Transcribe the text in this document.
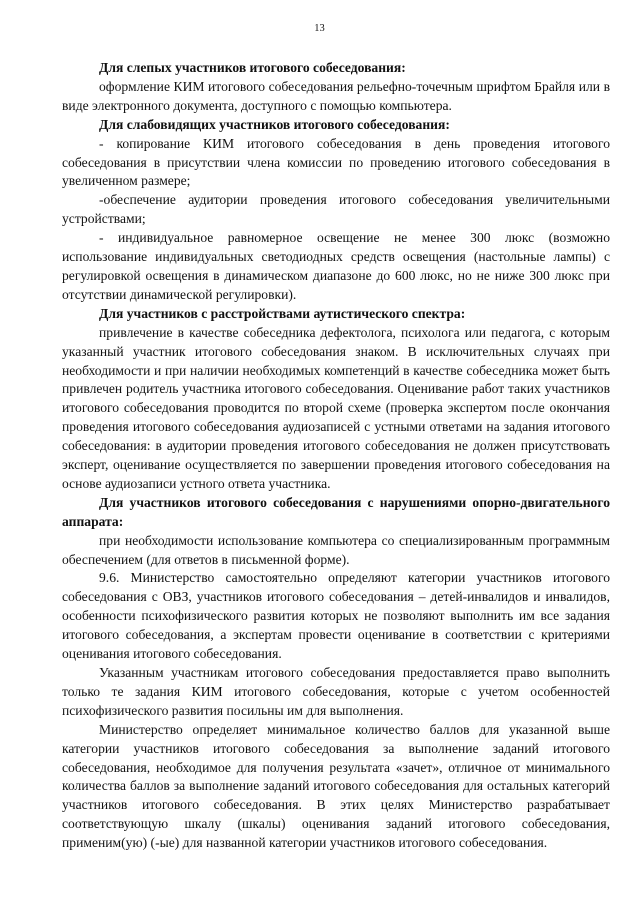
13

Для слепых участников итогового собеседования:

оформление КИМ итогового собеседования рельефно-точечным шрифтом Брайля или в виде электронного документа, доступного с помощью компьютера.

Для слабовидящих участников итогового собеседования:

- копирование КИМ итогового собеседования в день проведения итогового собеседования в присутствии члена комиссии по проведению итогового собеседования в увеличенном размере;

-обеспечение аудитории проведения итогового собеседования увеличительными устройствами;

- индивидуальное равномерное освещение не менее 300 люкс (возможно использование индивидуальных светодиодных средств освещения (настольные лампы) с регулировкой освещения в динамическом диапазоне до 600 люкс, но не ниже 300 люкс при отсутствии динамической регулировки).

Для участников с расстройствами аутистического спектра:

привлечение в качестве собеседника дефектолога, психолога или педагога, с которым указанный участник итогового собеседования знаком. В исключительных случаях при необходимости и при наличии необходимых компетенций в качестве собеседника может быть привлечен родитель участника итогового собеседования. Оценивание работ таких участников итогового собеседования проводится по второй схеме (проверка экспертом после окончания проведения итогового собеседования аудиозаписей с устными ответами на задания итогового собеседования: в аудитории проведения итогового собеседования не должен присутствовать эксперт, оценивание осуществляется по завершении проведения итогового собеседования на основе аудиозаписи устного ответа участника.

Для участников итогового собеседования с нарушениями опорно-двигательного аппарата:

при необходимости использование компьютера со специализированным программным обеспечением (для ответов в письменной форме).

9.6. Министерство самостоятельно определяют категории участников итогового собеседования с ОВЗ, участников итогового собеседования – детей-инвалидов и инвалидов, особенности психофизического развития которых не позволяют выполнить им все задания итогового собеседования, а экспертам провести оценивание в соответствии с критериями оценивания итогового собеседования.

Указанным участникам итогового собеседования предоставляется право выполнить только те задания КИМ итогового собеседования, которые с учетом особенностей психофизического развития посильны им для выполнения.

Министерство определяет минимальное количество баллов для указанной выше категории участников итогового собеседования за выполнение заданий итогового собеседования, необходимое для получения результата «зачет», отличное от минимального количества баллов за выполнение заданий итогового собеседования для остальных категорий участников итогового собеседования. В этих целях Министерство разрабатывает соответствующую шкалу (шкалы) оценивания заданий итогового собеседования, применим(ую) (-ые) для названной категории участников итогового собеседования.
